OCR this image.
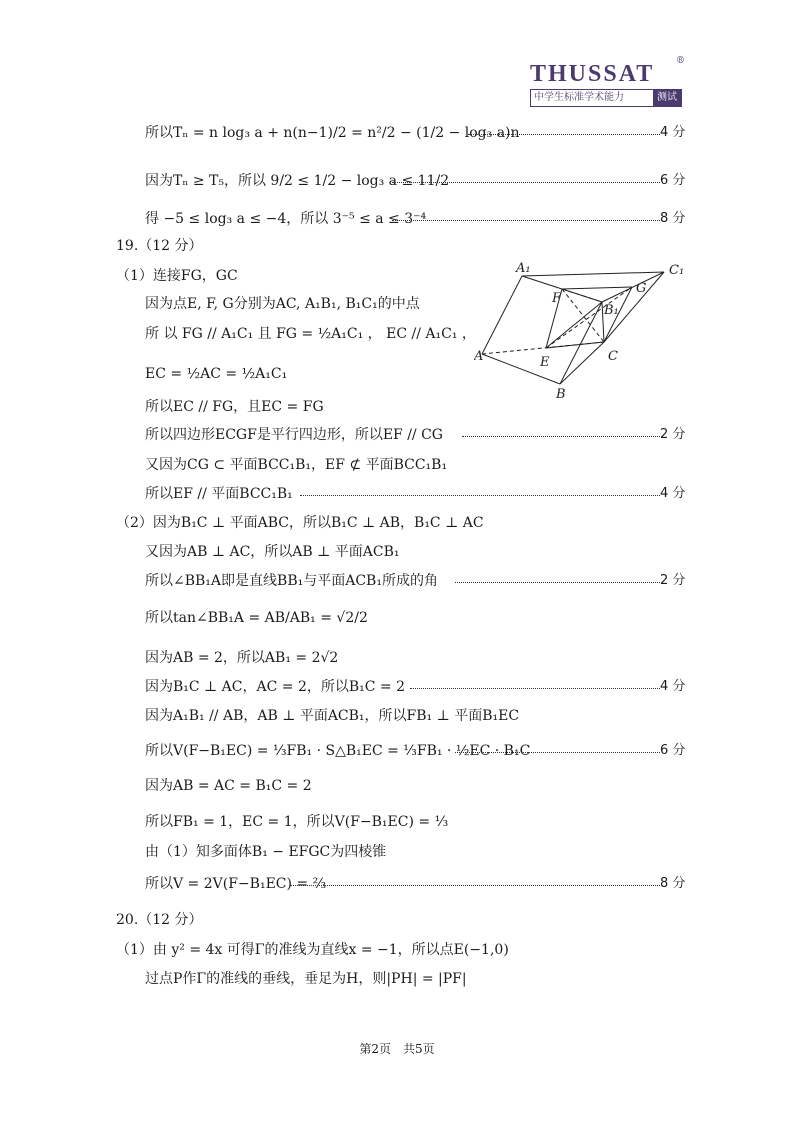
THUSSAT	®
中学生标准学术能力	测试
所以Tₙ = n log₃ a + n(n−1)/2 = n²/2 − (1/2 − log₃ a)n	4 分
因为Tₙ ≥ T₅，所以 9/2 ≤ 1/2 − log₃ a ≤ 11/2	6 分
得 −5 ≤ log₃ a ≤ −4，所以 3⁻⁵ ≤ a ≤ 3⁻⁴	8 分
19.（12 分）
（1）连接FG，GC
因为点E, F, G分别为AC, A₁B₁, B₁C₁的中点
所 以 FG // A₁C₁ 且 FG = ½A₁C₁ ， EC // A₁C₁ ，
EC = ½AC = ½A₁C₁
所以EC // FG，且EC = FG
所以四边形ECGF是平行四边形，所以EF // CG	2 分
又因为CG ⊂ 平面BCC₁B₁，EF ⊄ 平面BCC₁B₁
所以EF // 平面BCC₁B₁	4 分
（2）因为B₁C ⊥ 平面ABC，所以B₁C ⊥ AB，B₁C ⊥ AC
又因为AB ⊥ AC，所以AB ⊥ 平面ACB₁
所以∠BB₁A即是直线BB₁与平面ACB₁所成的角	2 分
所以tan∠BB₁A = AB/AB₁ = √2/2
因为AB = 2，所以AB₁ = 2√2
因为B₁C ⊥ AC，AC = 2，所以B₁C = 2	4 分
因为A₁B₁ // AB，AB ⊥ 平面ACB₁，所以FB₁ ⊥ 平面B₁EC
所以V(F−B₁EC) = ⅓FB₁ · S△B₁EC = ⅓FB₁ · ½EC · B₁C	6 分
因为AB = AC = B₁C = 2
所以FB₁ = 1，EC = 1，所以V(F−B₁EC) = ⅓
由（1）知多面体B₁ − EFGC为四棱锥
所以V = 2V(F−B₁EC) = ⅔	8 分
20.（12 分）
（1）由 y² = 4x 可得Γ的准线为直线x = −1，所以点E(−1,0)
过点P作Γ的准线的垂线，垂足为H，则|PH| = |PF|
A₁	C₁
F
G
B₁
A	E	C
B
第2页　共5页
